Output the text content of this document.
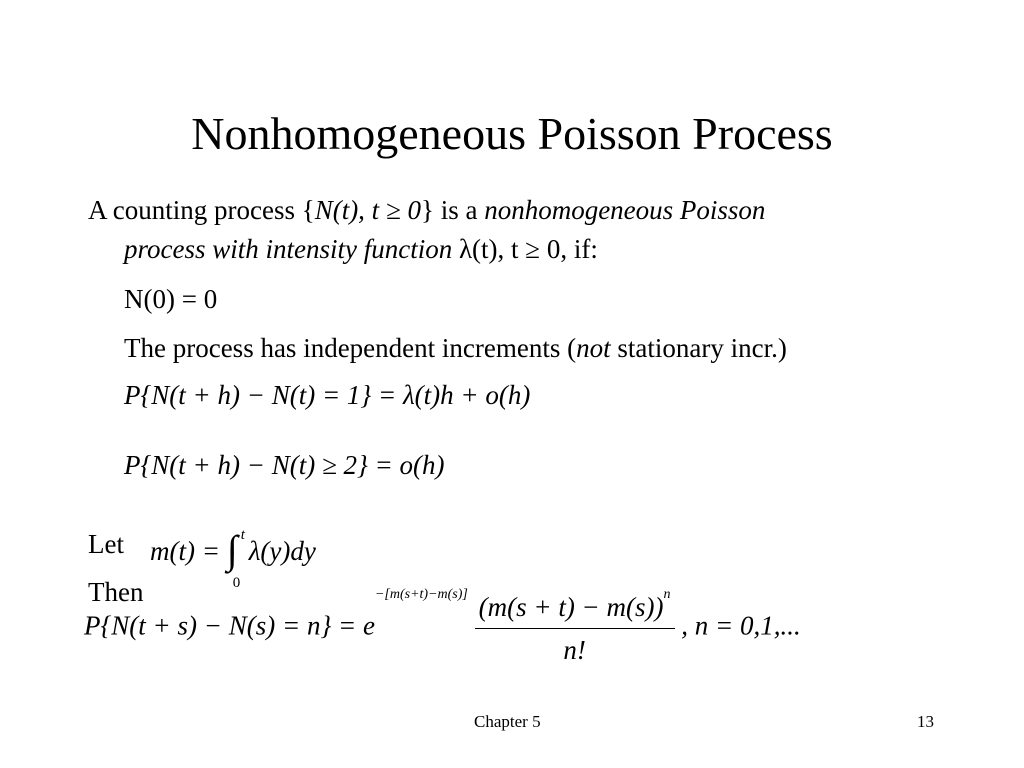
Nonhomogeneous Poisson Process
A counting process {N(t), t ≥ 0} is a nonhomogeneous Poisson
process with intensity function λ(t), t ≥ 0, if:
N(0) = 0
The process has independent increments (not stationary incr.)
P{N(t + h) − N(t) = 1} = λ(t)h + o(h)
P{N(t + h) − N(t) ≥ 2} = o(h)
Let m(t) = ∫ t
0
λ(y)dy
Then
$P\{N(t + s) - N(s) = n\} = e^{-[m(s+t)-m(s)]} \frac{(m(s + t) - m(s))^n}{n!}$ , n = 0,1,...
Chapter 5	13
